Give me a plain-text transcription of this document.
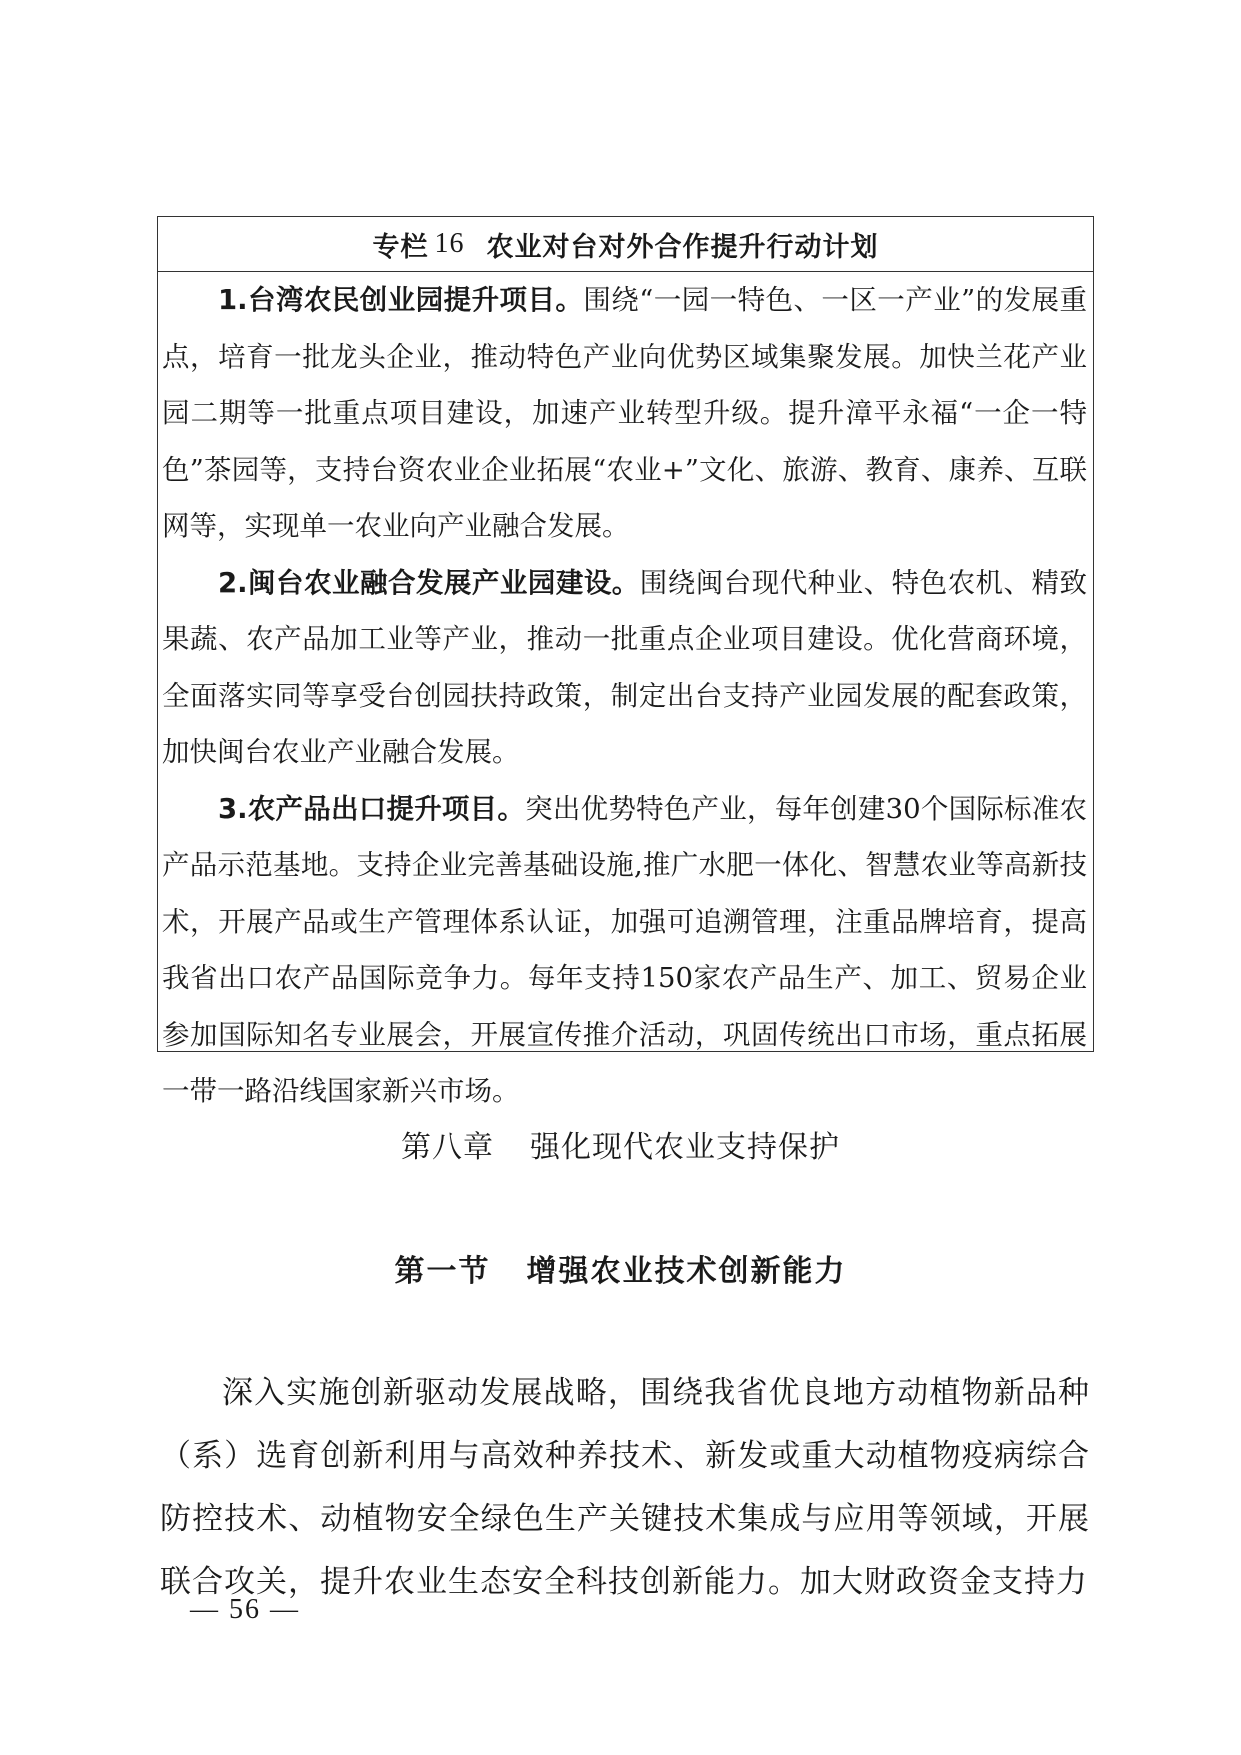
专栏 16 农业对台对外合作提升行动计划

1.台湾农民创业园提升项目。围绕“一园一特色、一区一产业”的发展重点，培育一批龙头企业，推动特色产业向优势区域集聚发展。加快兰花产业园二期等一批重点项目建设，加速产业转型升级。提升漳平永福“一企一特色”茶园等，支持台资农业企业拓展“农业+”文化、旅游、教育、康养、互联网等，实现单一农业向产业融合发展。

2.闽台农业融合发展产业园建设。围绕闽台现代种业、特色农机、精致果蔬、农产品加工业等产业，推动一批重点企业项目建设。优化营商环境，全面落实同等享受台创园扶持政策，制定出台支持产业园发展的配套政策，加快闽台农业产业融合发展。

3.农产品出口提升项目。突出优势特色产业，每年创建30个国际标准农产品示范基地。支持企业完善基础设施,推广水肥一体化、智慧农业等高新技术，开展产品或生产管理体系认证，加强可追溯管理，注重品牌培育，提高我省出口农产品国际竞争力。每年支持150家农产品生产、加工、贸易企业参加国际知名专业展会，开展宣传推介活动，巩固传统出口市场，重点拓展一带一路沿线国家新兴市场。

第八章 强化现代农业支持保护
第一节 增强农业技术创新能力

深入实施创新驱动发展战略，围绕我省优良地方动植物新品种（系）选育创新利用与高效种养技术、新发或重大动植物疫病综合防控技术、动植物安全绿色生产关键技术集成与应用等领域，开展联合攻关，提升农业生态安全科技创新能力。加大财政资金支持力

— 56 —
